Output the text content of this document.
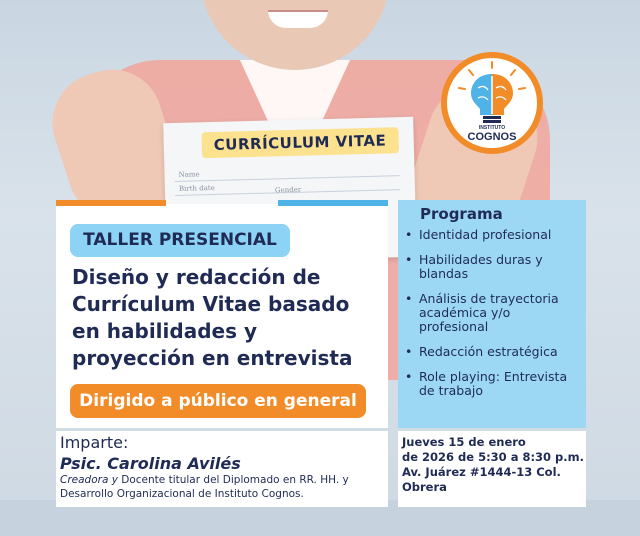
CURRÍCULUM VITAE
Name
Birth date	Gender
INSTITUTO
COGNOS
TALLER PRESENCIAL
Diseño y redacción de
Currículum Vitae basado
en habilidades y
proyección en entrevista
Dirigido a público en general
Programa
• Identidad profesional
• Habilidades duras y blandas
• Análisis de trayectoria académica y/o profesional
• Redacción estratégica
• Role playing: Entrevista de trabajo
Imparte:
Psic. Carolina Avilés

Creadora y Docente titular del Diplomado en RR. HH. y Desarrollo Organizacional de Instituto Cognos.

Jueves 15 de enero
de 2026 de 5:30 a 8:30 p.m.
Av. Juárez #1444-13 Col.
Obrera
